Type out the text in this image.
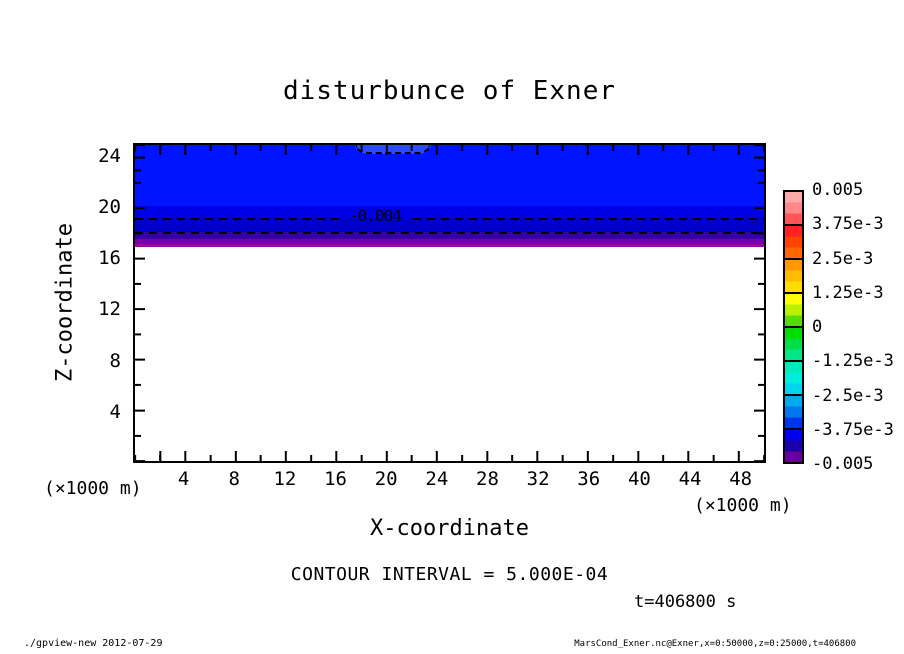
disturbunce of Exner
Z-coordinate
-0.004
4 8 12 16 20 24 28 32 36 40 44 48
24
20
16
12
8
4
(×1000 m)
(×1000 m)
X-coordinate
CONTOUR INTERVAL = 5.000E-04
t=406800 s
0.005
3.75e-3
2.5e-3
1.25e-3
0
-1.25e-3
-2.5e-3
-3.75e-3
-0.005
./gpview-new 2012-07-29	MarsCond_Exner.nc@Exner,x=0:50000,z=0:25000,t=406800
